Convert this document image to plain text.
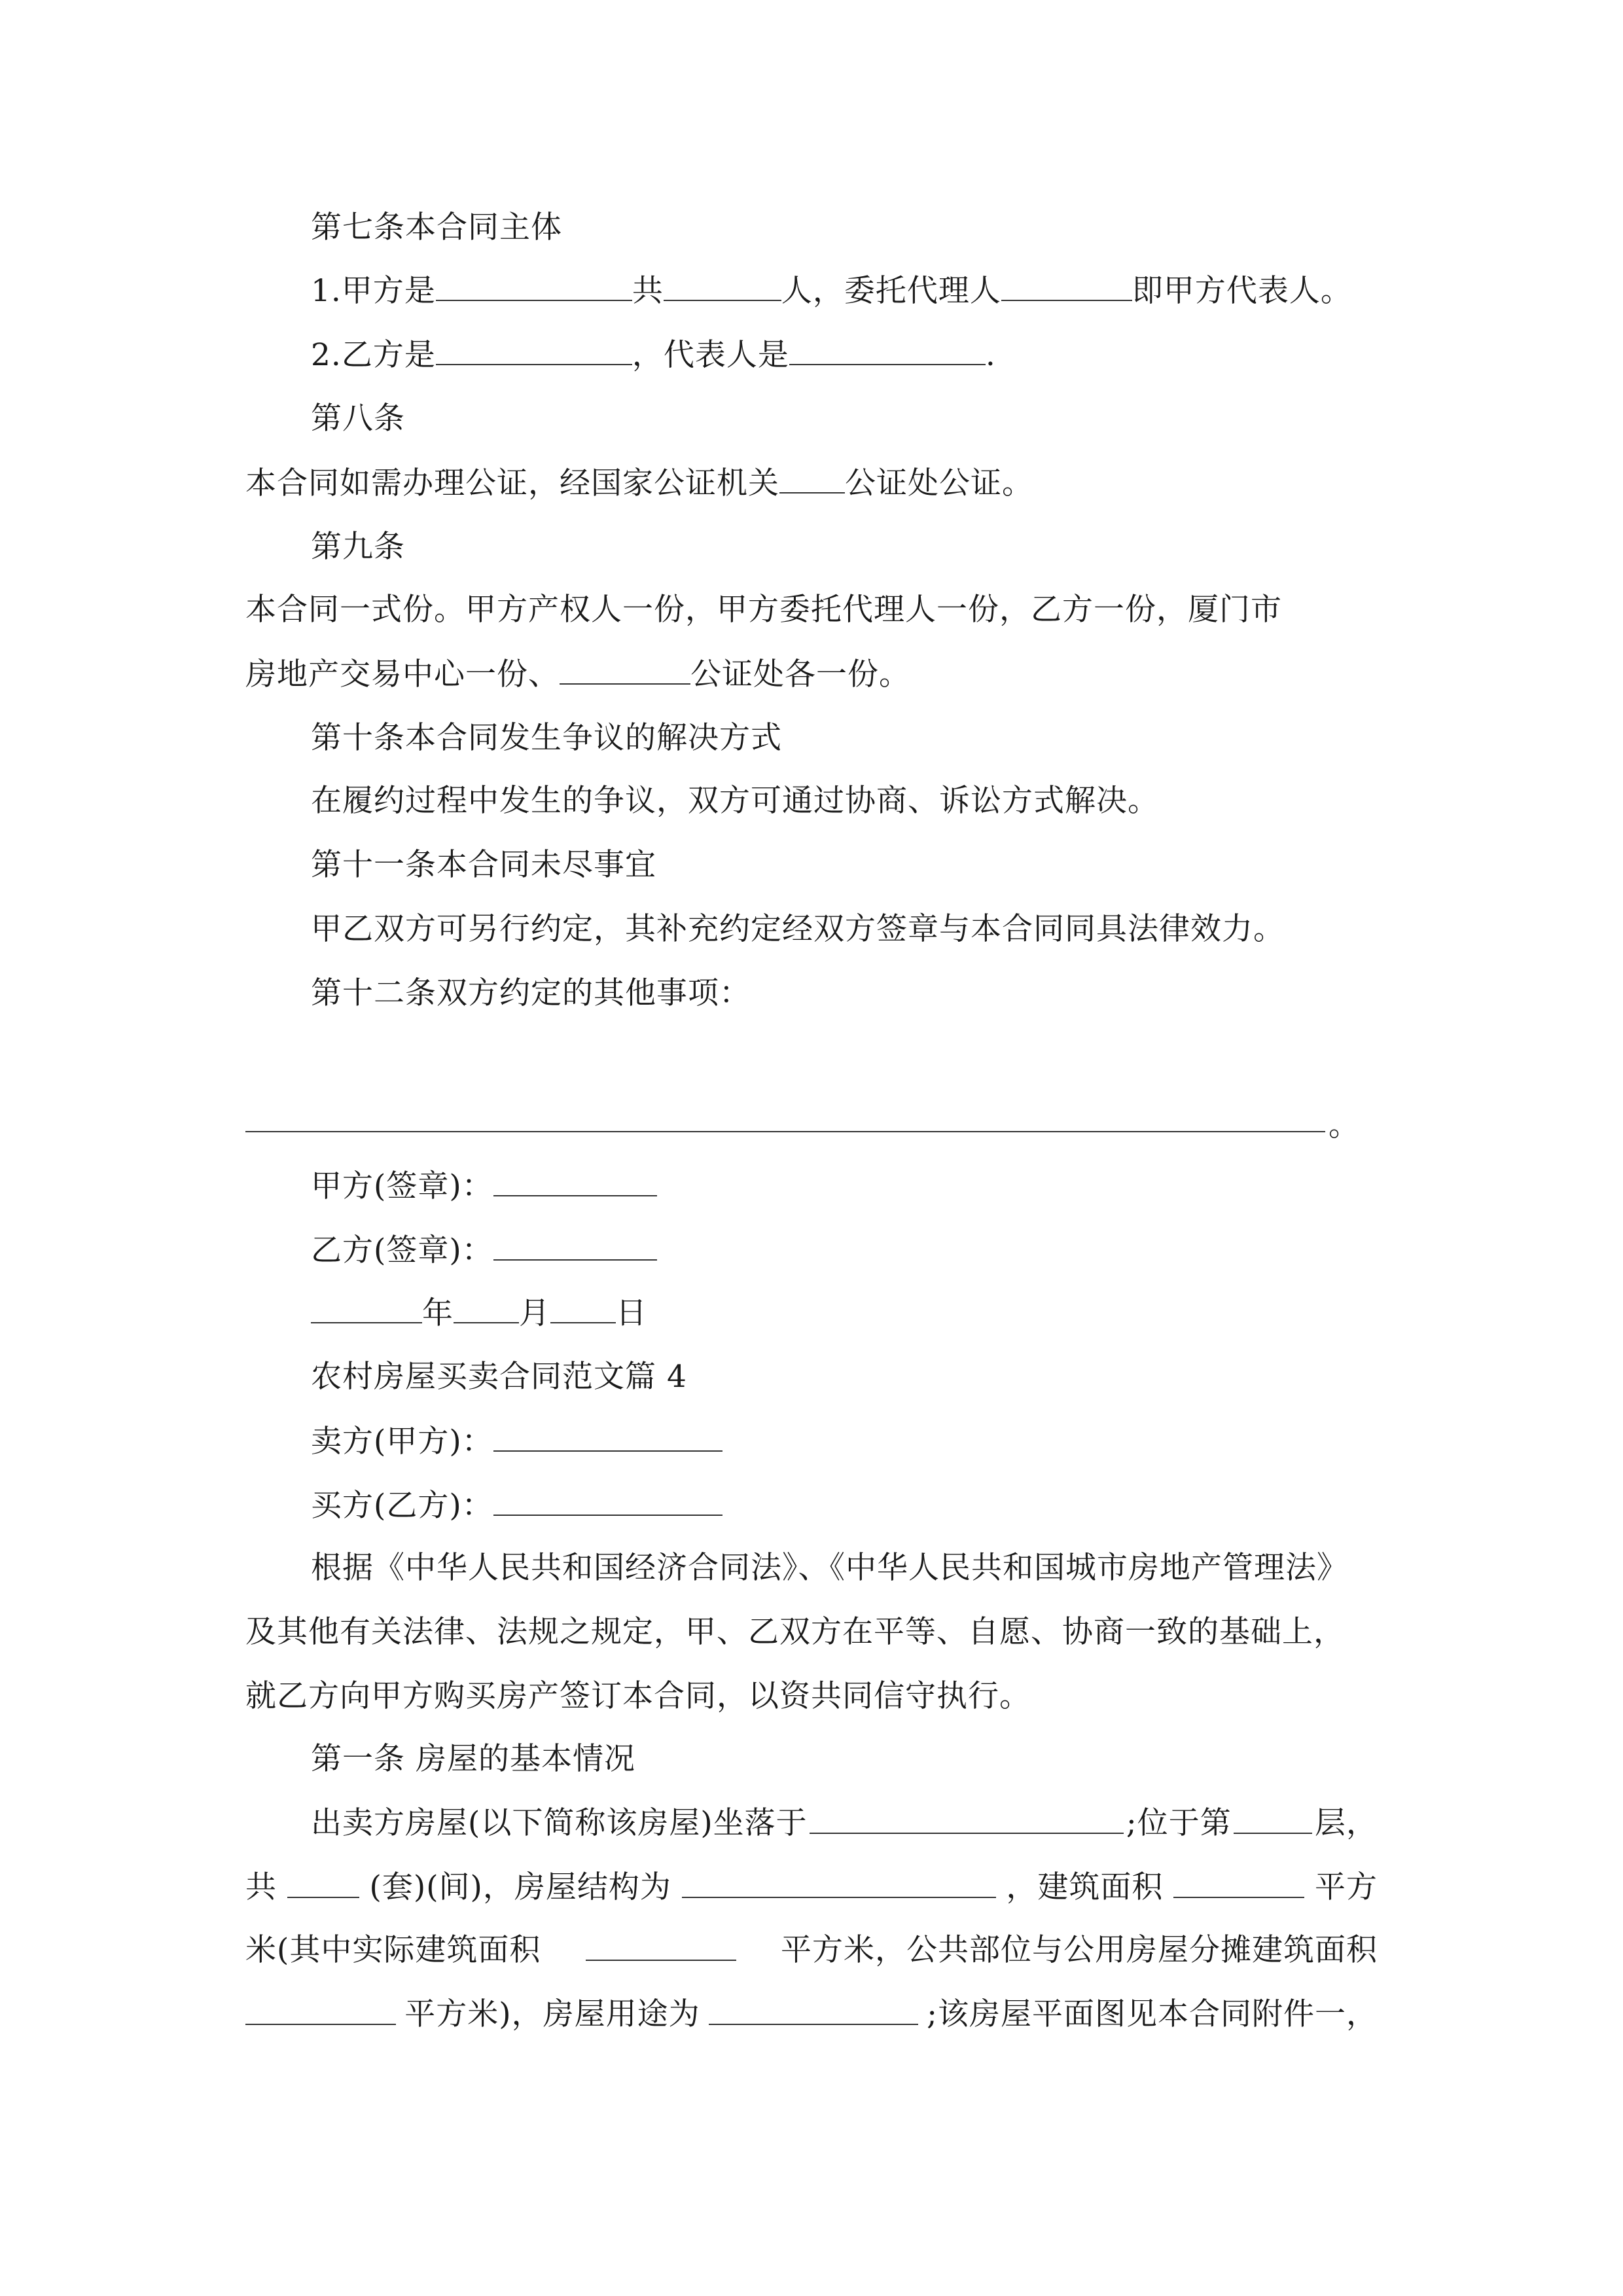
第七条本合同主体
1.甲方是	共	人，委托代理人	即甲方代表人。
2.乙方是	，代表人是	.
第八条
本合同如需办理公证，经国家公证机关 公证处公证。
第九条
本合同一式份。甲方产权人一份，甲方委托代理人一份，乙方一份，厦门市
房地产交易中心一份、	公证处各一份。
第十条本合同发生争议的解决方式
在履约过程中发生的争议，双方可通过协商、诉讼方式解决。
第十一条本合同未尽事宜
甲乙双方可另行约定，其补充约定经双方签章与本合同同具法律效力。
第十二条双方约定的其他事项：
。
甲方(签章)：
乙方(签章)：
年 月 日
农村房屋买卖合同范文篇 4
卖方(甲方)：
买方(乙方)：
根据《中华人民共和国经济合同法》、《中华人民共和国城市房地产管理法》
及其他有关法律、法规之规定，甲、乙双方在平等、自愿、协商一致的基础上，
就乙方向甲方购买房产签订本合同，以资共同信守执行。
第一条 房屋的基本情况
出卖方房屋(以下简称该房屋)坐落于	;位于第	层，
共	(套)(间)，房屋结构为	，建筑面积	平方
米(其中实际建筑面积	平方米，公共部位与公用房屋分摊建筑面积
平方米)，房屋用途为	;该房屋平面图见本合同附件一，
